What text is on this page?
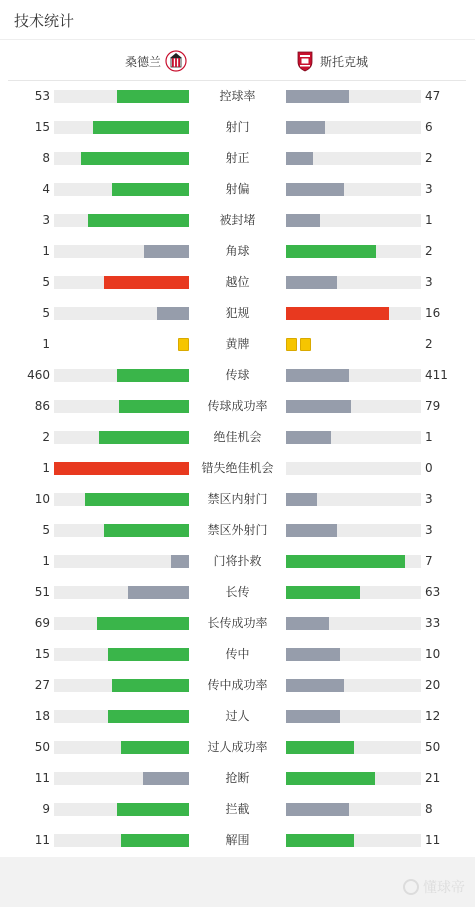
技术统计
桑德兰	斯托克城
53	控球率	47
15	射门	6
8	射正	2
4	射偏	3
3	被封堵	1
1	角球	2
5	越位	3
5	犯规	16
1	黄牌	2
460	传球	411
86	传球成功率	79
2	绝佳机会	1
1	错失绝佳机会	0
10	禁区内射门	3
5	禁区外射门	3
1	门将扑救	7
51	长传	63
69	长传成功率	33
15	传中	10
27	传中成功率	20
18	过人	12
50	过人成功率	50
11	抢断	21
9	拦截	8
11	解围	11
懂球帝
